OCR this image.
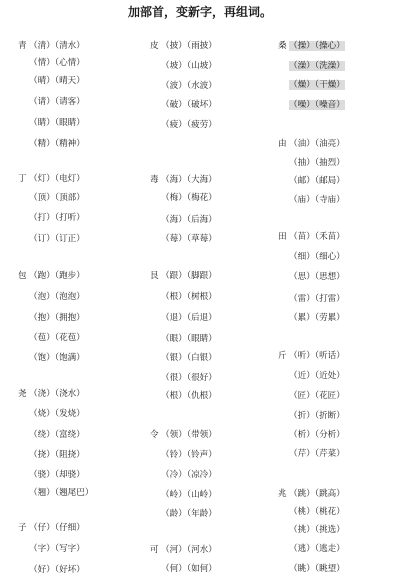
加部首，变新字，再组词。
青 （清）（清水）
（情）（心情）
（晴）（晴天）
（请）（请客）
（睛）（眼睛）
（精）（精神）
丁 （灯）（电灯）
（顶）（顶部）
（打）（打听）
（订）（订正）
包 （跑）（跑步）
（泡）（泡泡）
（抱）（拥抱）
（苞）（花苞）
（饱）（饱满）
尧 （浇）（浇水）
（烧）（发烧）
（绕）（富绕）
（挠）（阻挠）
（骁）（却骁）
（翘）（翘尾巴）
子 （仔）（仔细）
（字）（写字）
（好）（好坏）
皮 （披）（雨披）
（坡）（山坡）
（波）（水波）
（破）（破坏）
（疲）（疲劳）
毒 （海）（大海）
（梅）（梅花）
（海）（后海）
（莓）（草莓）
艮 （跟）（脚跟）
（根）（树根）
（退）（后退）
（眼）（眼睛）
（银）（白银）
（很）（很好）
（根）（仇根）
令 （领）（带领）
（铃）（铃声）
（冷）（凉冷）
（岭）（山岭）
（龄）（年龄）
可 （河）（河水）
（何）（如何）
桑 （操）（操心）
（澡）（洗澡）
（燥）（干燥）
（噪）（噪音）
由 （油）（油亮）
（抽）（抽烈）
（邮）（邮局）
（庙）（寺庙）
田 （苗）（禾苗）
（细）（细心）
（思）（思想）
（雷）（打雷）
（累）（劳累）
斤 （听）（听话）
（近）（近处）
（匠）（花匠）
（折）（折断）
（析）（分析）
（芹）（芹菜）
兆 （跳）（跳高）
（桃）（桃花）
（挑）（挑选）
（逃）（逃走）
（眺）（眺望）
